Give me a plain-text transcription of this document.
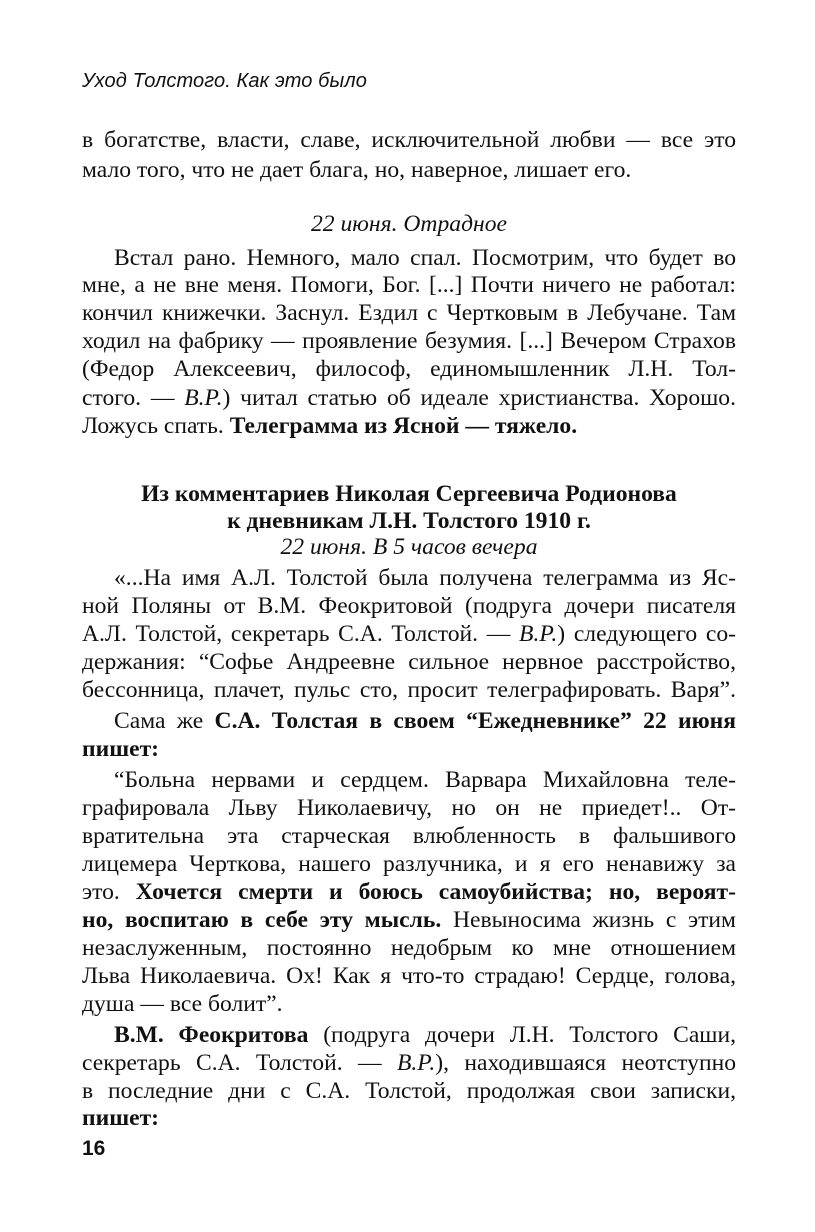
Уход Толстого. Как это было
в богатстве, власти, славе, исключительной любви — все это
мало того, что не дает блага, но, наверное, лишает его.
22 июня. Отрадное
Встал рано. Немного, мало спал. Посмотрим, что будет во
мне, а не вне меня. Помоги, Бог. [...] Почти ничего не работал:
кончил книжечки. Заснул. Ездил с Чертковым в Лебучане. Там
ходил на фабрику — проявление безумия. [...] Вечером Страхов
(Федор Алексеевич, философ, единомышленник Л.Н. Тол-
стого. — В.Р.) читал статью об идеале христианства. Хорошо.
Ложусь спать. Телеграмма из Ясной — тяжело.
Из комментариев Николая Сергеевича Родионова
к дневникам Л.Н. Толстого 1910 г.
22 июня. В 5 часов вечера
«...На имя А.Л. Толстой была получена телеграмма из Яс-
ной Поляны от В.М. Феокритовой (подруга дочери писателя
А.Л. Толстой, секретарь С.А. Толстой. — В.Р.) следующего со-
держания: “Софье Андреевне сильное нервное расстройство,
бессонница, плачет, пульс сто, просит телеграфировать. Варя”.
Сама же С.А. Толстая в своем “Ежедневнике” 22 июня
пишет:
“Больна нервами и сердцем. Варвара Михайловна теле-
графировала Льву Николаевичу, но он не приедет!.. От-
вратительна эта старческая влюбленность в фальшивого
лицемера Черткова, нашего разлучника, и я его ненавижу за
это. Хочется смерти и боюсь самоубийства; но, вероят-
но, воспитаю в себе эту мысль. Невыносима жизнь с этим
незаслуженным, постоянно недобрым ко мне отношением
Льва Николаевича. Ох! Как я что-то страдаю! Сердце, голова,
душа — все болит”.
В.М. Феокритова (подруга дочери Л.Н. Толстого Саши,
секретарь С.А. Толстой. — В.Р.), находившаяся неотступно
в последние дни с С.А. Толстой, продолжая свои записки,
пишет:
16
